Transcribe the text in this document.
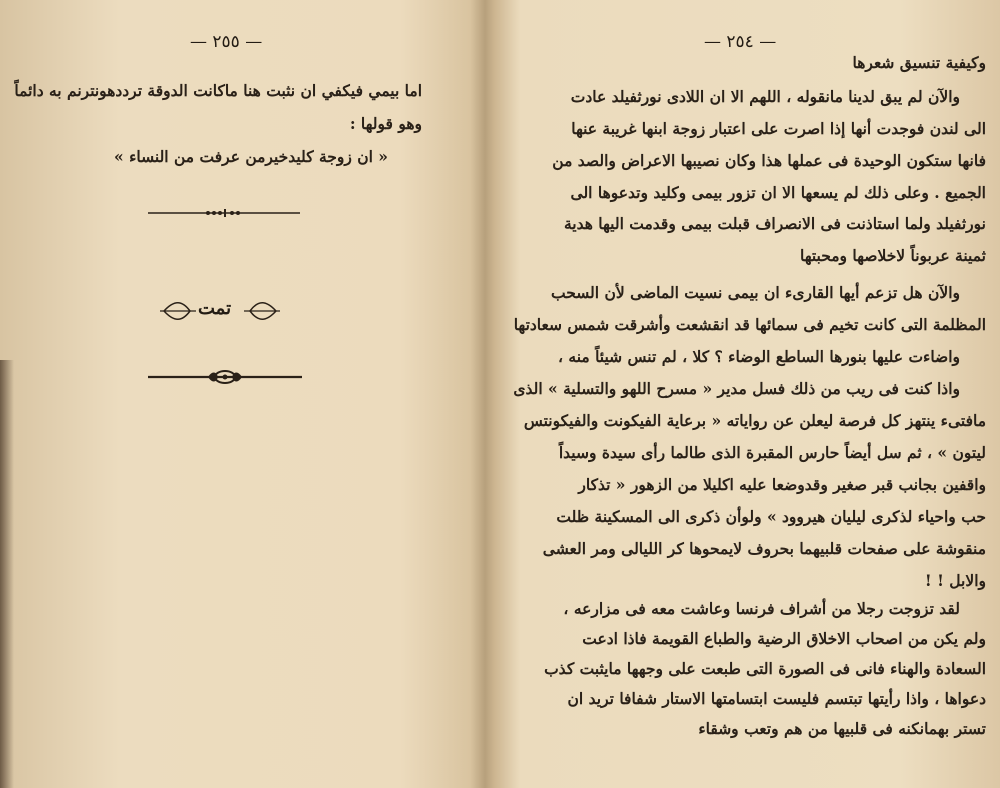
— ٢٥٥ —
اما بيمي فيكفي ان نثبت هنا ماكانت الدوقة ترددهونترنم به دائماً
وهو قولها :
« ان زوجة كليدخيرمن عرفت من النساء »
تمت
— ٢٥٤ —
وكيفية تنسيق شعرها
والآن لم يبق لدينا مانقوله ، اللهم الا ان اللادى نورثفيلد عادت
الى لندن فوجدت أنها إذا اصرت على اعتبار زوجة ابنها غريبة عنها
فانها ستكون الوحيدة فى عملها هذا وكان نصيبها الاعراض والصد من
الجميع . وعلى ذلك لم يسعها الا ان تزور بيمى وكليد وتدعوها الى
نورثفيلد ولما استاذنت فى الانصراف قبلت بيمى وقدمت اليها هدية
ثمينة عربوناً لاخلاصها ومحبتها
والآن هل تزعم أيها القارىء ان بيمى نسيت الماضى لأن السحب
المظلمة التى كانت تخيم فى سمائها قد انقشعت وأشرقت شمس سعادتها
واضاءت عليها بنورها الساطع الوضاء ؟ كلا ، لم تنس شيئاً منه ،
واذا كنت فى ريب من ذلك فسل مدير « مسرح اللهو والتسلية » الذى
مافتىء ينتهز كل فرصة ليعلن عن رواياته « برعاية الفيكونت والفيكونتس
ليتون » ، ثم سل أيضاً حارس المقبرة الذى طالما رأى سيدة وسيداً
واقفين بجانب قبر صغير وقدوضعا عليه اكليلا من الزهور « تذكار
حب واحياء لذكرى ليليان هيروود » ولوأن ذكرى الى المسكينة ظلت
منقوشة على صفحات قلبيهما بحروف لايمحوها كر الليالى ومر العشى
والابل ! !
لقد تزوجت رجلا من أشراف فرنسا وعاشت معه فى مزارعه ،
ولم يكن من اصحاب الاخلاق الرضية والطباع القويمة فاذا ادعت
السعادة والهناء فانى فى الصورة التى طبعت على وجهها مايثبت كذب
دعواها ، واذا رأيتها تبتسم فليست ابتسامتها الاستار شفافا تريد ان
تستر بهمانكنه فى قلبيها من هم وتعب وشقاء
